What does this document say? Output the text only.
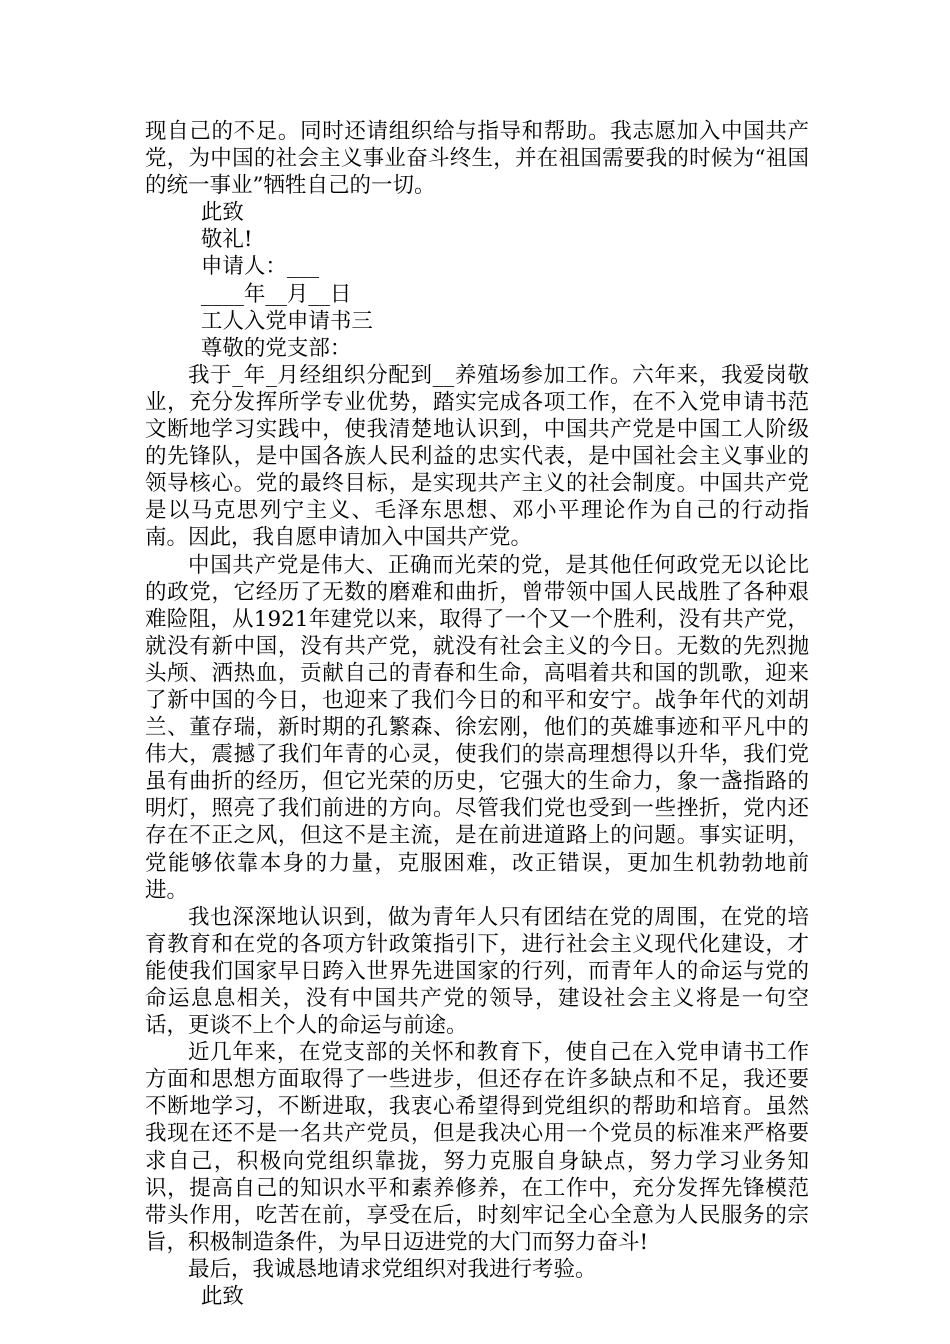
现自己的不足。同时还请组织给与指导和帮助。我志愿加入中国共产党，为中国的社会主义事业奋斗终生，并在祖国需要我的时候为“祖国的统一事业”牺牲自己的一切。

此致

敬礼!

申请人：___

____年__月__日

工人入党申请书三

尊敬的党支部：

我于_年_月经组织分配到__养殖场参加工作。六年来，我爱岗敬业，充分发挥所学专业优势，踏实完成各项工作，在不入党申请书范文断地学习实践中，使我清楚地认识到，中国共产党是中国工人阶级的先锋队，是中国各族人民利益的忠实代表，是中国社会主义事业的领导核心。党的最终目标，是实现共产主义的社会制度。中国共产党是以马克思列宁主义、毛泽东思想、邓小平理论作为自己的行动指南。因此，我自愿申请加入中国共产党。

中国共产党是伟大、正确而光荣的党，是其他任何政党无以论比的政党，它经历了无数的磨难和曲折，曾带领中国人民战胜了各种艰难险阻，从1921年建党以来，取得了一个又一个胜利，没有共产党，就没有新中国，没有共产党，就没有社会主义的今日。无数的先烈抛头颅、洒热血，贡献自己的青春和生命，高唱着共和国的凯歌，迎来了新中国的今日，也迎来了我们今日的和平和安宁。战争年代的刘胡兰、董存瑞，新时期的孔繁森、徐宏刚，他们的英雄事迹和平凡中的伟大，震撼了我们年青的心灵，使我们的崇高理想得以升华，我们党虽有曲折的经历，但它光荣的历史，它强大的生命力，象一盏指路的明灯，照亮了我们前进的方向。尽管我们党也受到一些挫折，党内还存在不正之风，但这不是主流，是在前进道路上的问题。事实证明，党能够依靠本身的力量，克服困难，改正错误，更加生机勃勃地前进。

我也深深地认识到，做为青年人只有团结在党的周围，在党的培育教育和在党的各项方针政策指引下，进行社会主义现代化建设，才能使我们国家早日跨入世界先进国家的行列，而青年人的命运与党的命运息息相关，没有中国共产党的领导，建设社会主义将是一句空话，更谈不上个人的命运与前途。

近几年来，在党支部的关怀和教育下，使自己在入党申请书工作方面和思想方面取得了一些进步，但还存在许多缺点和不足，我还要不断地学习，不断进取，我衷心希望得到党组织的帮助和培育。虽然我现在还不是一名共产党员，但是我决心用一个党员的标准来严格要求自己，积极向党组织靠拢，努力克服自身缺点，努力学习业务知识，提高自己的知识水平和素养修养，在工作中，充分发挥先锋模范带头作用，吃苦在前，享受在后，时刻牢记全心全意为人民服务的宗旨，积极制造条件，为早日迈进党的大门而努力奋斗!

最后，我诚恳地请求党组织对我进行考验。

此致
